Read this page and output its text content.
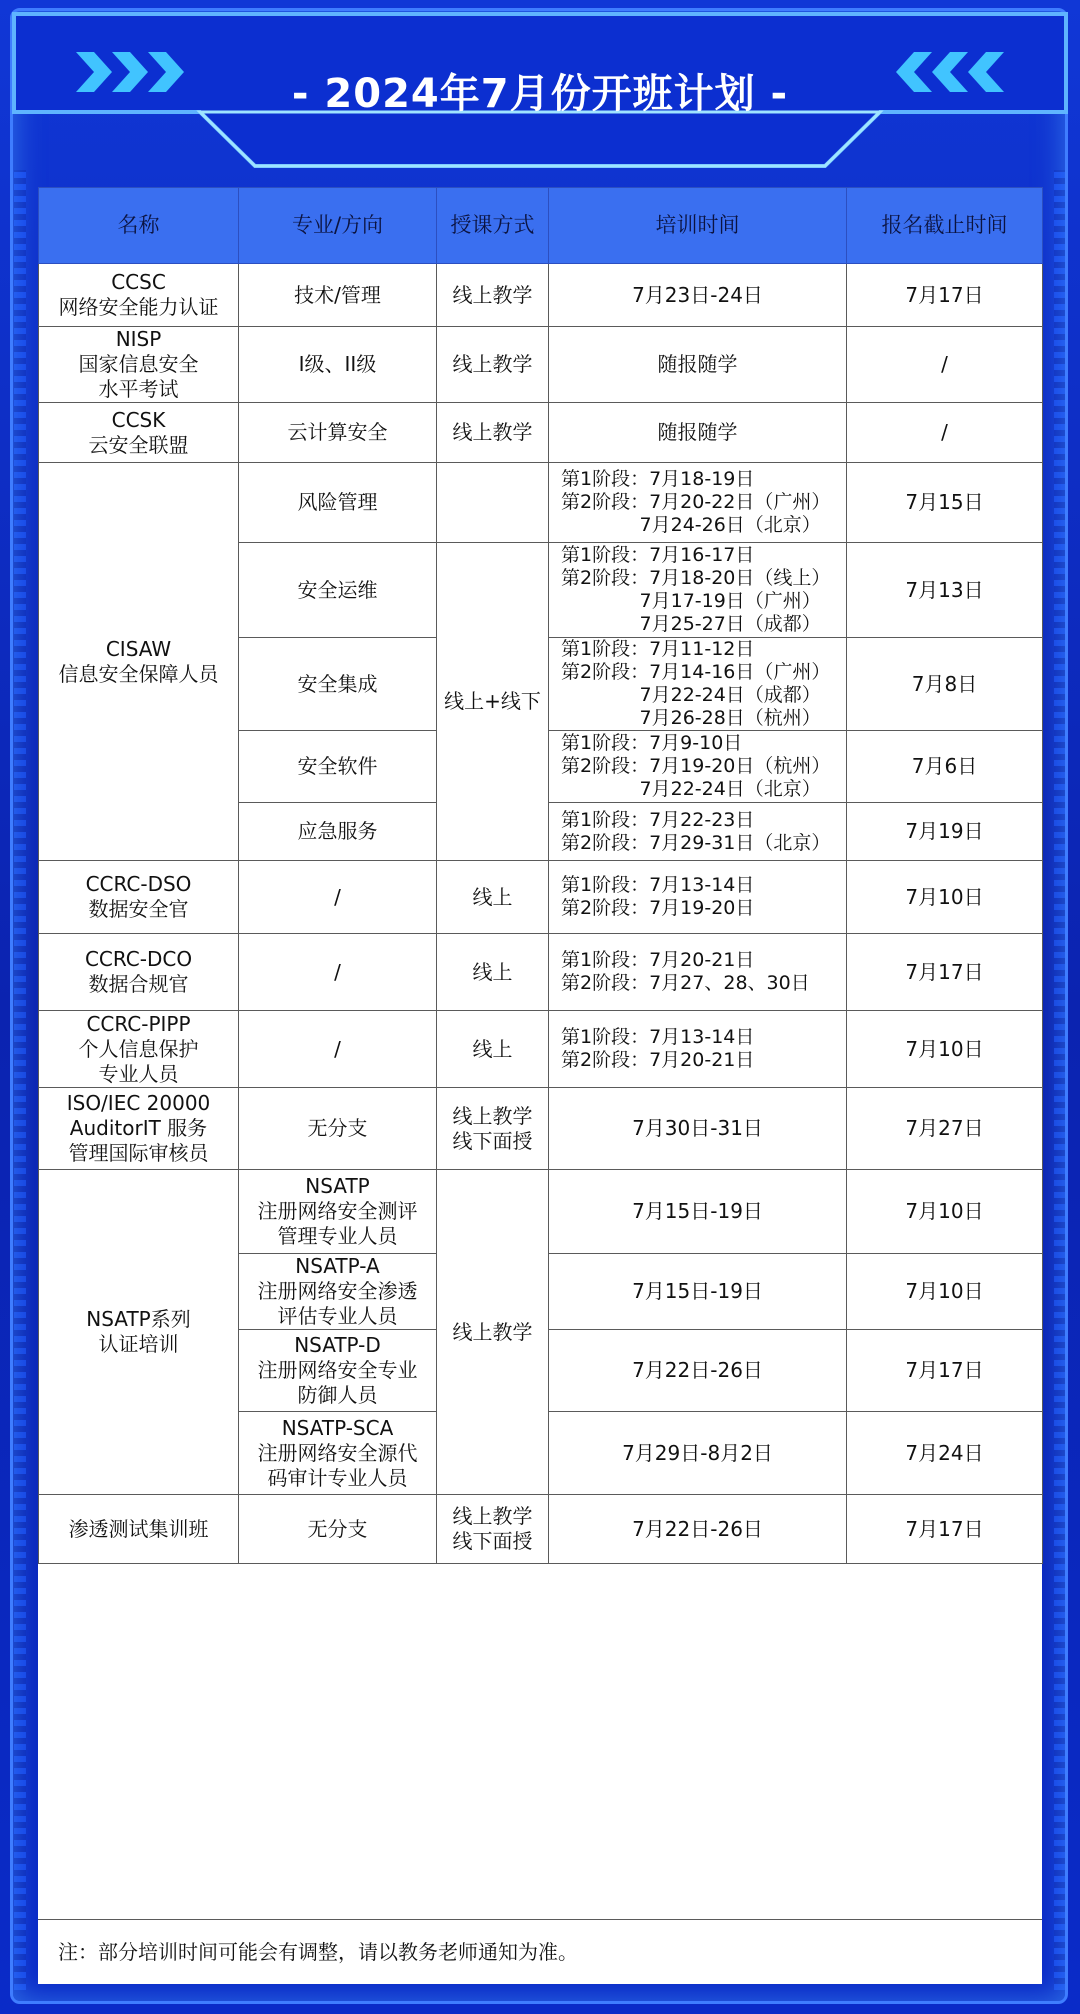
- 2024年7月份开班计划 -
名称	专业/方向	授课方式	培训时间	报名截止时间

CCSC
网络安全能力认证	技术/管理	线上教学	7月23日-24日	7月17日

NISP
国家信息安全
水平考试	I级、II级	线上教学	随报随学	/

CCSK
云安全联盟	云计算安全	线上教学	随报随学	/

CISAW
信息安全保障人员	风险管理		第1阶段：7月18-19日
第2阶段：7月20-22日（广州）
7月24-26日（北京）	7月15日

	安全运维	线上+线下	第1阶段：7月16-17日
第2阶段：7月18-20日（线上）
7月17-19日（广州）
7月25-27日（成都）	7月13日

	安全集成		第1阶段：7月11-12日
第2阶段：7月14-16日（广州）
7月22-24日（成都）
7月26-28日（杭州）	7月8日

	安全软件		第1阶段：7月9-10日
第2阶段：7月19-20日（杭州）
7月22-24日（北京）	7月6日

	应急服务		第1阶段：7月22-23日
第2阶段：7月29-31日（北京）	7月19日

CCRC-DSO
数据安全官	/	线上	第1阶段：7月13-14日
第2阶段：7月19-20日	7月10日

CCRC-DCO
数据合规官	/	线上	第1阶段：7月20-21日
第2阶段：7月27、28、30日	7月17日

CCRC-PIPP
个人信息保护
专业人员	/	线上	第1阶段：7月13-14日
第2阶段：7月20-21日	7月10日

ISO/IEC 20000
AuditorIT 服务
管理国际审核员	无分支	线上教学
线下面授	7月30日-31日	7月27日

NSATP系列
认证培训	NSATP
注册网络安全测评
管理专业人员	线上教学	7月15日-19日	7月10日

	NSATP-A
注册网络安全渗透
评估专业人员		7月15日-19日	7月10日

	NSATP-D
注册网络安全专业
防御人员		7月22日-26日	7月17日

	NSATP-SCA
注册网络安全源代
码审计专业人员		7月29日-8月2日	7月24日

渗透测试集训班	无分支	线上教学
线下面授	7月22日-26日	7月17日
注：部分培训时间可能会有调整，请以教务老师通知为准。
